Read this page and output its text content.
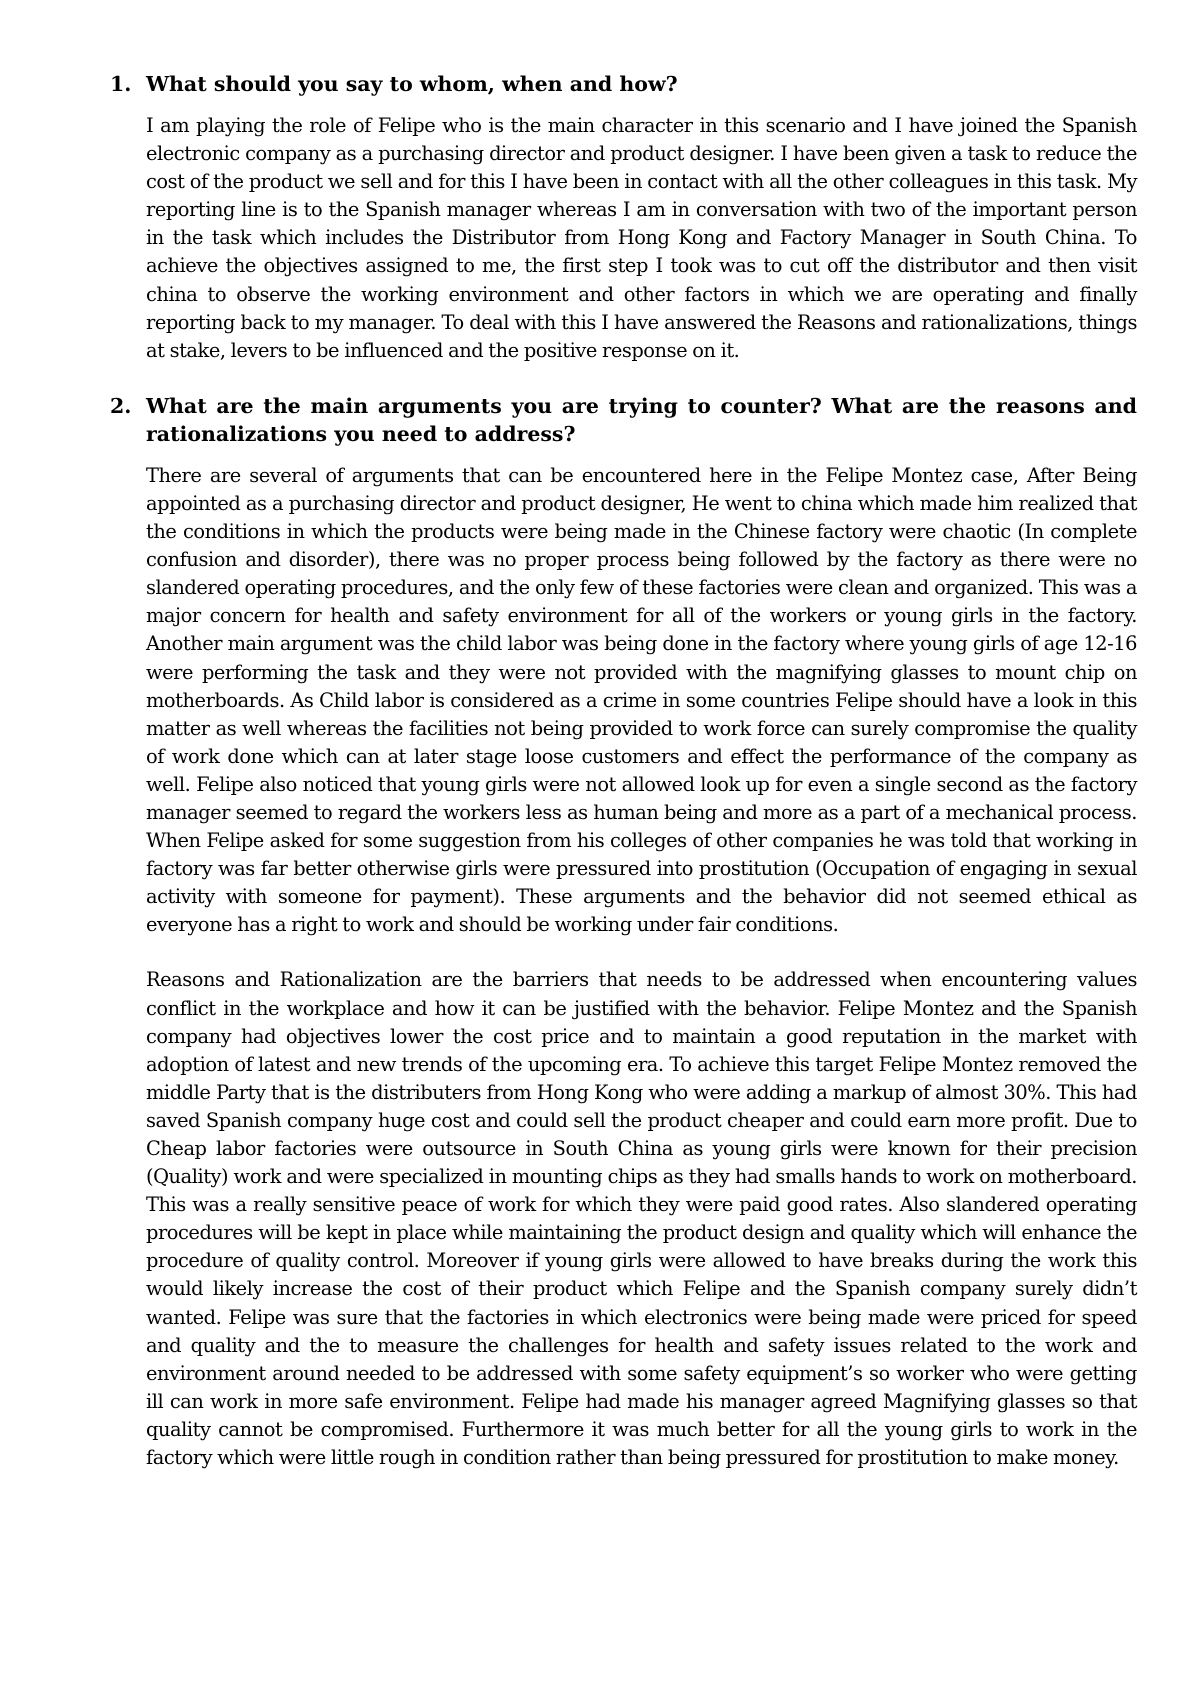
1. What should you say to whom, when and how?

I am playing the role of Felipe who is the main character in this scenario and I have joined the Spanish electronic company as a purchasing director and product designer. I have been given a task to reduce the cost of the product we sell and for this I have been in contact with all the other colleagues in this task. My reporting line is to the Spanish manager whereas I am in conversation with two of the important person in the task which includes the Distributor from Hong Kong and Factory Manager in South China. To achieve the objectives assigned to me, the first step I took was to cut off the distributor and then visit china to observe the working environment and other factors in which we are operating and finally reporting back to my manager. To deal with this I have answered the Reasons and rationalizations, things at stake, levers to be influenced and the positive response on it.

2. What are the main arguments you are trying to counter? What are the reasons and rationalizations you need to address?

There are several of arguments that can be encountered here in the Felipe Montez case, After Being appointed as a purchasing director and product designer, He went to china which made him realized that the conditions in which the products were being made in the Chinese factory were chaotic (In complete confusion and disorder), there was no proper process being followed by the factory as there were no slandered operating procedures, and the only few of these factories were clean and organized. This was a major concern for health and safety environment for all of the workers or young girls in the factory. Another main argument was the child labor was being done in the factory where young girls of age 12-16 were performing the task and they were not provided with the magnifying glasses to mount chip on motherboards. As Child labor is considered as a crime in some countries Felipe should have a look in this matter as well whereas the facilities not being provided to work force can surely compromise the quality of work done which can at later stage loose customers and effect the performance of the company as well. Felipe also noticed that young girls were not allowed look up for even a single second as the factory manager seemed to regard the workers less as human being and more as a part of a mechanical process. When Felipe asked for some suggestion from his colleges of other companies he was told that working in factory was far better otherwise girls were pressured into prostitution (Occupation of engaging in sexual activity with someone for payment). These arguments and the behavior did not seemed ethical as everyone has a right to work and should be working under fair conditions.

Reasons and Rationalization are the barriers that needs to be addressed when encountering values conflict in the workplace and how it can be justified with the behavior. Felipe Montez and the Spanish company had objectives lower the cost price and to maintain a good reputation in the market with adoption of latest and new trends of the upcoming era. To achieve this target Felipe Montez removed the middle Party that is the distributers from Hong Kong who were adding a markup of almost 30%. This had saved Spanish company huge cost and could sell the product cheaper and could earn more profit. Due to Cheap labor factories were outsource in South China as young girls were known for their precision (Quality) work and were specialized in mounting chips as they had smalls hands to work on motherboard. This was a really sensitive peace of work for which they were paid good rates. Also slandered operating procedures will be kept in place while maintaining the product design and quality which will enhance the procedure of quality control. Moreover if young girls were allowed to have breaks during the work this would likely increase the cost of their product which Felipe and the Spanish company surely didn’t wanted. Felipe was sure that the factories in which electronics were being made were priced for speed and quality and the to measure the challenges for health and safety issues related to the work and environment around needed to be addressed with some safety equipment’s so worker who were getting ill can work in more safe environment. Felipe had made his manager agreed Magnifying glasses so that quality cannot be compromised. Furthermore it was much better for all the young girls to work in the factory which were little rough in condition rather than being pressured for prostitution to make money.
